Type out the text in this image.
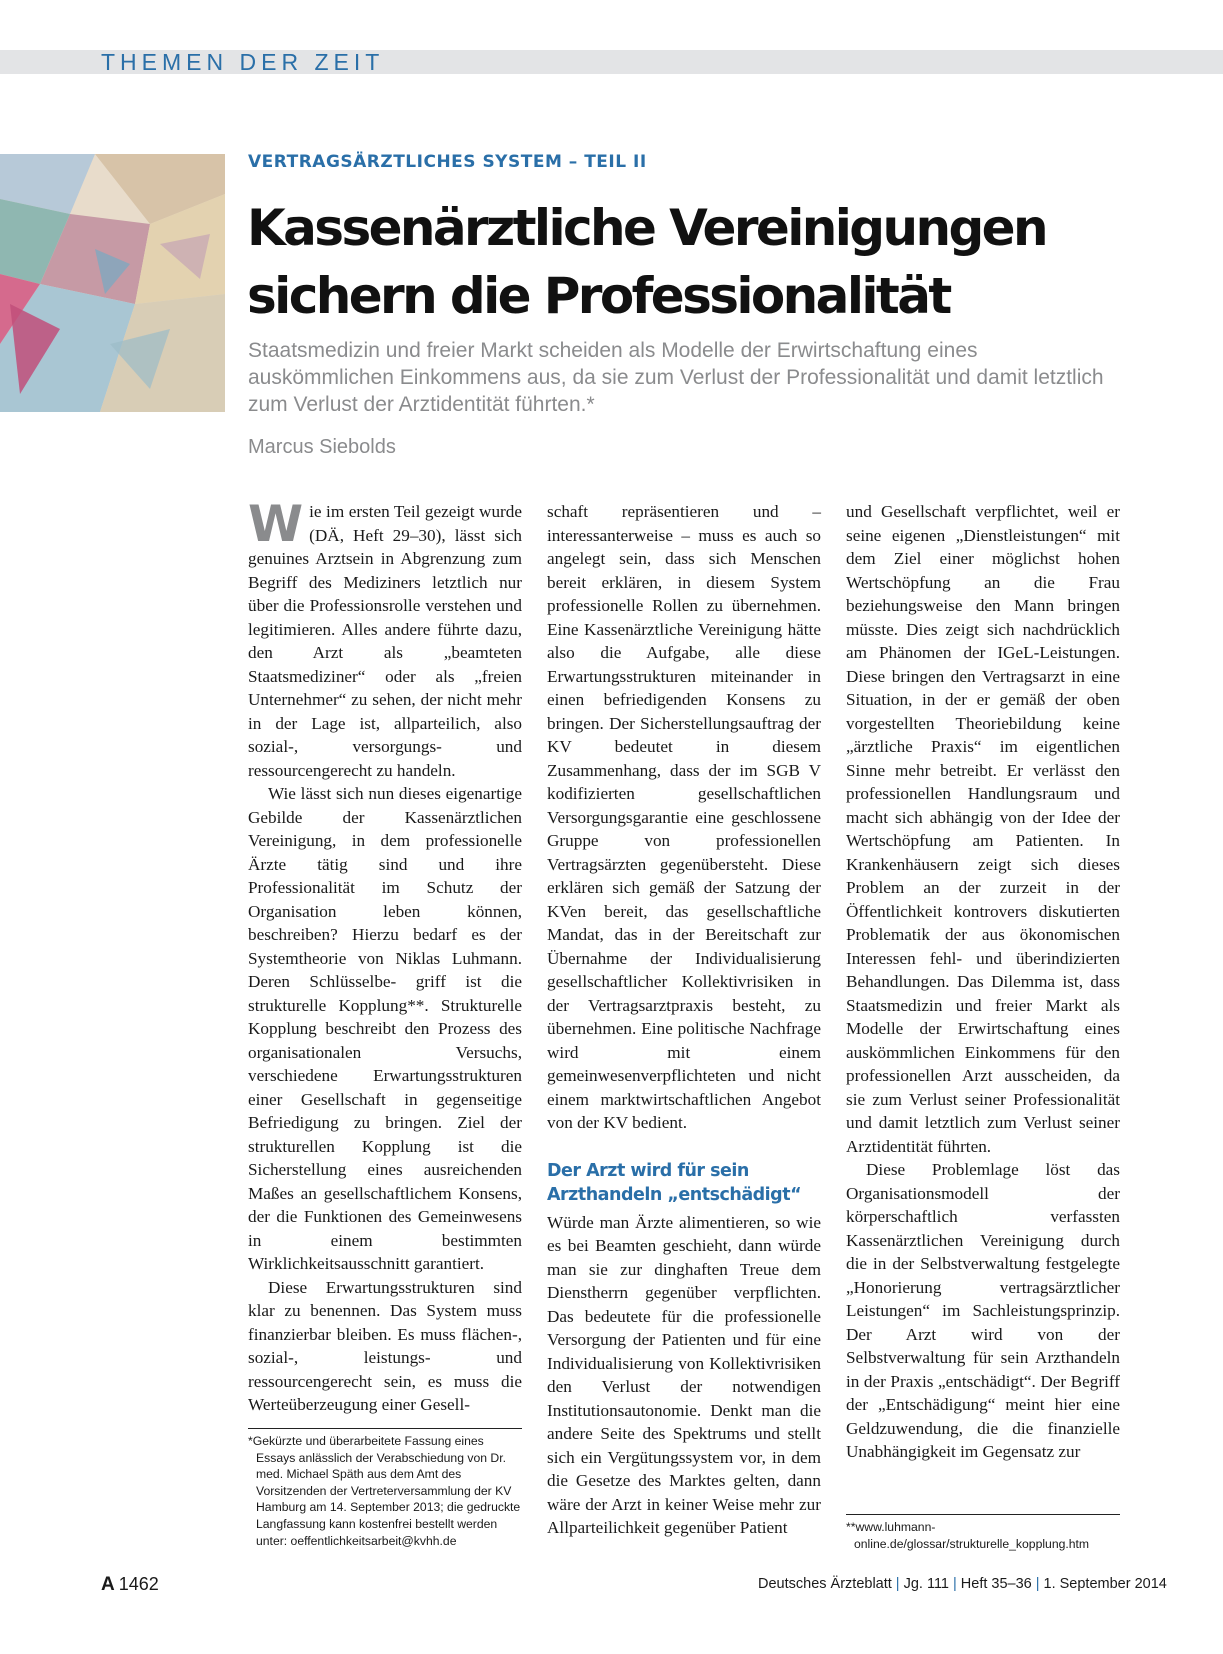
THEMEN DER ZEIT
VERTRAGSÄRZTLICHES SYSTEM – TEIL II
Kassenärztliche Vereinigungen
sichern die Professionalität

Staatsmedizin und freier Markt scheiden als Modelle der Erwirtschaftung eines auskömmlichen Einkommens aus, da sie zum Verlust der Professionalität und damit letztlich zum Verlust der Arztidentität führten.*

Marcus Siebolds

Wie im ersten Teil gezeigt wurde (DÄ, Heft 29–30), lässt sich genuines Arztsein in Abgrenzung zum Begriff des Mediziners letztlich nur über die Professionsrolle verstehen und legitimieren. Alles andere führte dazu, den Arzt als „beamteten Staatsmediziner“ oder als „freien Unternehmer“ zu sehen, der nicht mehr in der Lage ist, allparteilich, also sozial-, versorgungs- und ressourcengerecht zu handeln.

Wie lässt sich nun dieses eigenartige Gebilde der Kassenärztlichen Vereinigung, in dem professionelle Ärzte tätig sind und ihre Professionalität im Schutz der Organisation leben können, beschreiben? Hierzu bedarf es der Systemtheorie von Niklas Luhmann. Deren Schlüsselbe- griff ist die strukturelle Kopplung**. Strukturelle Kopplung beschreibt den Prozess des organisationalen Versuchs, verschiedene Erwartungsstrukturen einer Gesellschaft in gegenseitige Befriedigung zu bringen. Ziel der strukturellen Kopplung ist die Sicherstellung eines ausreichenden Maßes an gesellschaftlichem Konsens, der die Funktionen des Gemeinwesens in einem bestimmten Wirklichkeitsausschnitt garantiert.

Diese Erwartungsstrukturen sind klar zu benennen. Das System muss finanzierbar bleiben. Es muss flächen-, sozial-, leistungs- und ressourcengerecht sein, es muss die Werteüberzeugung einer Gesell-

schaft repräsentieren und – interessanterweise – muss es auch so angelegt sein, dass sich Menschen bereit erklären, in diesem System professionelle Rollen zu übernehmen. Eine Kassenärztliche Vereinigung hätte also die Aufgabe, alle diese Erwartungsstrukturen miteinander in einen befriedigenden Konsens zu bringen. Der Sicherstellungsauftrag der KV bedeutet in diesem Zusammenhang, dass der im SGB V kodifizierten gesellschaftlichen Versorgungsgarantie eine geschlossene Gruppe von professionellen Vertragsärzten gegenübersteht. Diese erklären sich gemäß der Satzung der KVen bereit, das gesellschaftliche Mandat, das in der Bereitschaft zur Übernahme der Individualisierung gesellschaftlicher Kollektivrisiken in der Vertragsarztpraxis besteht, zu übernehmen. Eine politische Nachfrage wird mit einem gemeinwesenverpflichteten und nicht einem marktwirtschaftlichen Angebot von der KV bedient.

Der Arzt wird für sein
Arzthandeln „entschädigt“

Würde man Ärzte alimentieren, so wie es bei Beamten geschieht, dann würde man sie zur dinghaften Treue dem Dienstherrn gegenüber verpflichten. Das bedeutete für die professionelle Versorgung der Patienten und für eine Individualisierung von Kollektivrisiken den Verlust der notwendigen Institutionsautonomie. Denkt man die andere Seite des Spektrums und stellt sich ein Vergütungssystem vor, in dem die Gesetze des Marktes gelten, dann wäre der Arzt in keiner Weise mehr zur Allparteilichkeit gegenüber Patient

und Gesellschaft verpflichtet, weil er seine eigenen „Dienstleistungen“ mit dem Ziel einer möglichst hohen Wertschöpfung an die Frau beziehungsweise den Mann bringen müsste. Dies zeigt sich nachdrücklich am Phänomen der IGeL-Leistungen. Diese bringen den Vertragsarzt in eine Situation, in der er gemäß der oben vorgestellten Theoriebildung keine „ärztliche Praxis“ im eigentlichen Sinne mehr betreibt. Er verlässt den professionellen Handlungsraum und macht sich abhängig von der Idee der Wertschöpfung am Patienten. In Krankenhäusern zeigt sich dieses Problem an der zurzeit in der Öffentlichkeit kontrovers diskutierten Problematik der aus ökonomischen Interessen fehl- und überindizierten Behandlungen. Das Dilemma ist, dass Staatsmedizin und freier Markt als Modelle der Erwirtschaftung eines auskömmlichen Einkommens für den professionellen Arzt ausscheiden, da sie zum Verlust seiner Professionalität und damit letztlich zum Verlust seiner Arztidentität führten.

Diese Problemlage löst das Organisationsmodell der körperschaftlich verfassten Kassenärztlichen Vereinigung durch die in der Selbstverwaltung festgelegte „Honorierung vertragsärztlicher Leistungen“ im Sachleistungsprinzip. Der Arzt wird von der Selbstverwaltung für sein Arzthandeln in der Praxis „entschädigt“. Der Begriff der „Entschädigung“ meint hier eine Geldzuwendung, die die finanzielle Unabhängigkeit im Gegensatz zur

*Gekürzte und überarbeitete Fassung eines Essays anlässlich der Verabschiedung von Dr. med. Michael Späth aus dem Amt des Vorsitzenden der Vertreterversammlung der KV Hamburg am 14. September 2013; die gedruckte Langfassung kann kostenfrei bestellt werden unter: oeffentlichkeitsarbeit@kvhh.de

**www.luhmann-online.de/glossar/strukturelle_kopplung.htm

A 1462	Deutsches Ärzteblatt | Jg. 111 | Heft 35–36 | 1. September 2014
